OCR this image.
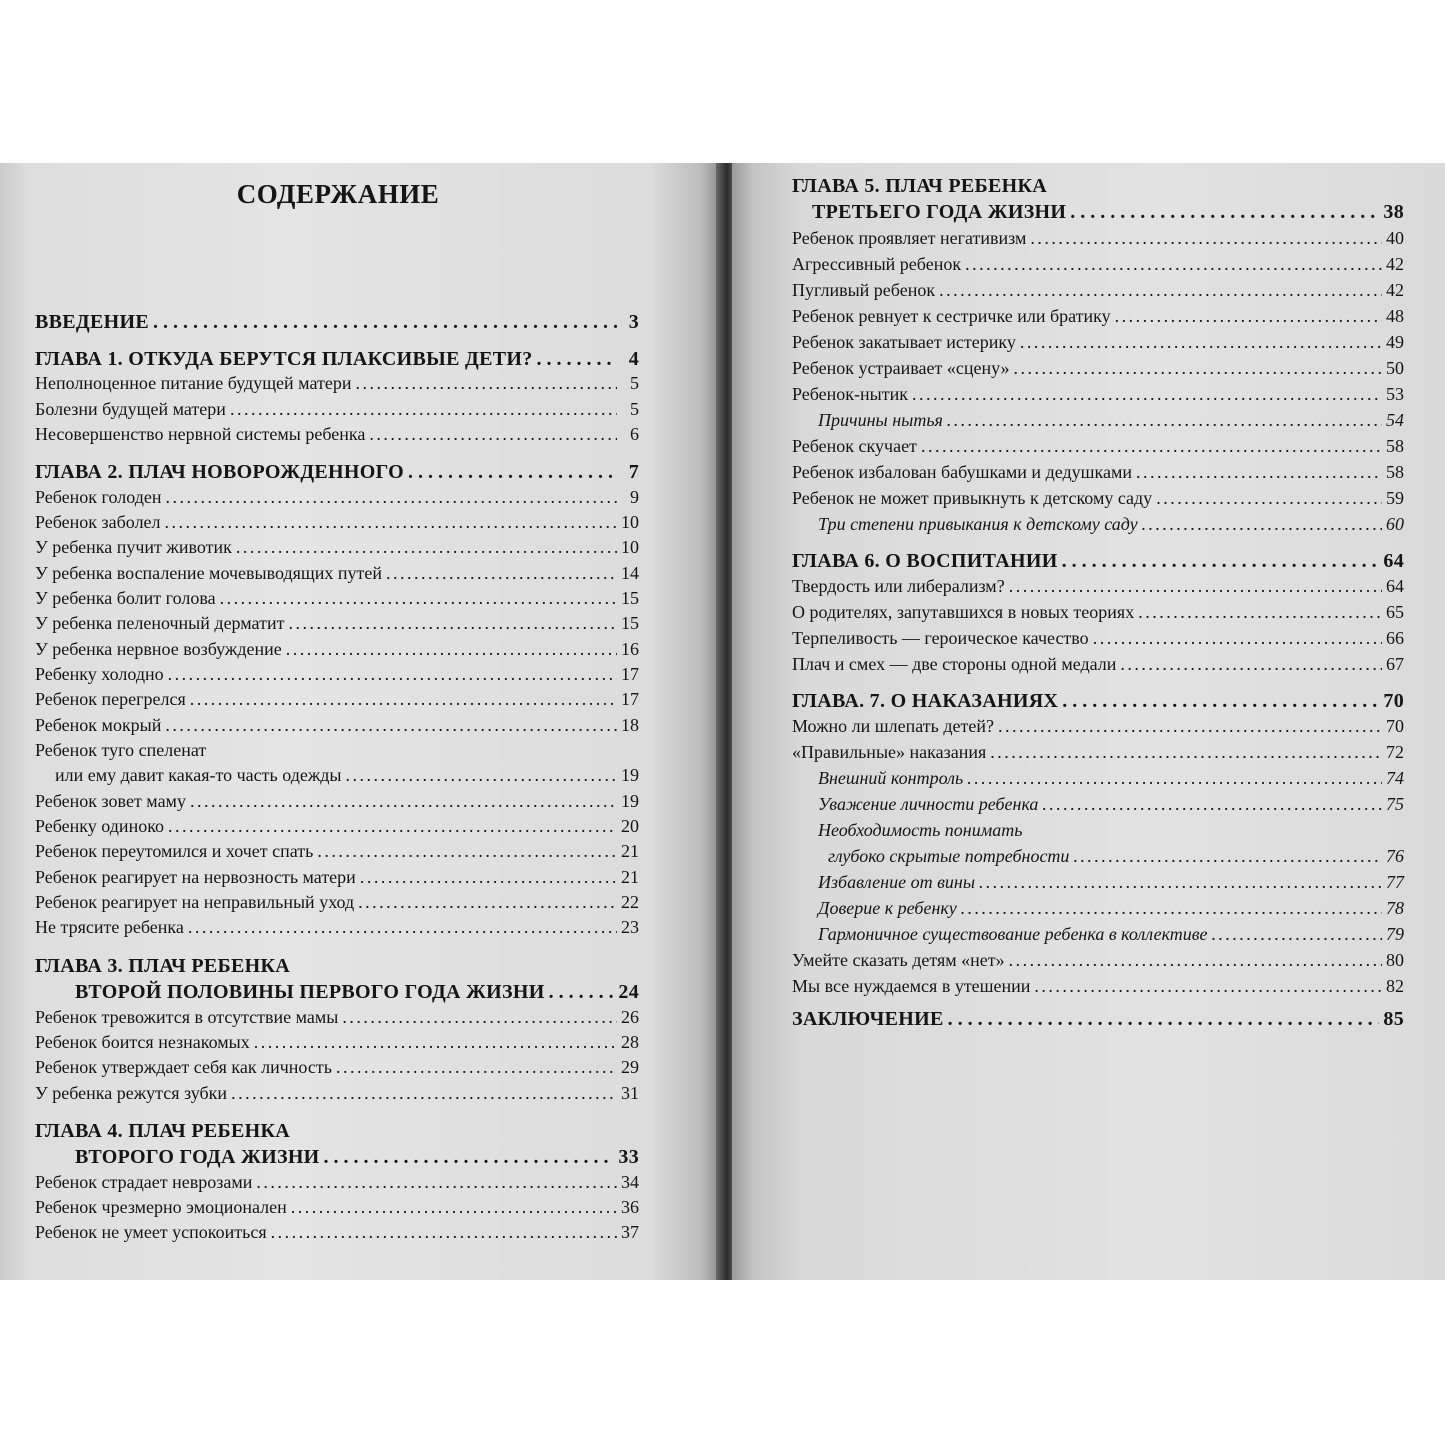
СОДЕРЖАНИЕ
ВВЕДЕНИЕ . . .	3
ГЛАВА 1. ОТКУДА БЕРУТСЯ ПЛАКСИВЫЕ ДЕТИ? . . .	4
Неполноценное питание будущей матери . . .	5
Болезни будущей матери . . .	5
Несовершенство нервной системы ребенка . . .	6
ГЛАВА 2. ПЛАЧ НОВОРОЖДЕННОГО . . .	7
Ребенок голоден . . .	9
Ребенок заболел . . .	10
У ребенка пучит животик . . .	10
У ребенка воспаление мочевыводящих путей . . .	14
У ребенка болит голова . . .	15
У ребенка пеленочный дерматит . . .	15
У ребенка нервное возбуждение . . .	16
Ребенку холодно . . .	17
Ребенок перегрелся . . .	17
Ребенок мокрый . . .	18
Ребенок туго спеленат
или ему давит какая-то часть одежды . . .	19
Ребенок зовет маму . . .	19
Ребенку одиноко . . .	20
Ребенок переутомился и хочет спать . . .	21
Ребенок реагирует на нервозность матери . . .	21
Ребенок реагирует на неправильный уход . . .	22
Не трясите ребенка . . .	23
ГЛАВА 3. ПЛАЧ РЕБЕНКА
ВТОРОЙ ПОЛОВИНЫ ПЕРВОГО ГОДА ЖИЗНИ . . .	24
Ребенок тревожится в отсутствие мамы . . .	26
Ребенок боится незнакомых . . .	28
Ребенок утверждает себя как личность . . .	29
У ребенка режутся зубки . . .	31
ГЛАВА 4. ПЛАЧ РЕБЕНКА
ВТОРОГО ГОДА ЖИЗНИ . . .	33
Ребенок страдает неврозами . . .	34
Ребенок чрезмерно эмоционален . . .	36
Ребенок не умеет успокоиться . . .	37
ГЛАВА 5. ПЛАЧ РЕБЕНКА
ТРЕТЬЕГО ГОДА ЖИЗНИ . . .	38
Ребенок проявляет негативизм . . .	40
Агрессивный ребенок . . .	42
Пугливый ребенок . . .	42
Ребенок ревнует к сестричке или братику . . .	48
Ребенок закатывает истерику . . .	49
Ребенок устраивает «сцену» . . .	50
Ребенок-нытик . . .	53
Причины нытья . . .	54
Ребенок скучает . . .	58
Ребенок избалован бабушками и дедушками . . .	58
Ребенок не может привыкнуть к детскому саду . . .	59
Три степени привыкания к детскому саду . . .	60
ГЛАВА 6. О ВОСПИТАНИИ . . .	64
Твердость или либерализм? . . .	64
О родителях, запутавшихся в новых теориях . . .	65
Терпеливость — героическое качество . . .	66
Плач и смех — две стороны одной медали . . .	67
ГЛАВА. 7. О НАКАЗАНИЯХ . . .	70
Можно ли шлепать детей? . . .	70
«Правильные» наказания . . .	72
Внешний контроль . . .	74
Уважение личности ребенка . . .	75
Необходимость понимать
глубоко скрытые потребности . . .	76
Избавление от вины . . .	77
Доверие к ребенку . . .	78
Гармоничное существование ребенка в коллективе . . .	79
Умейте сказать детям «нет» . . .	80
Мы все нуждаемся в утешении . . .	82
ЗАКЛЮЧЕНИЕ . . .	85
